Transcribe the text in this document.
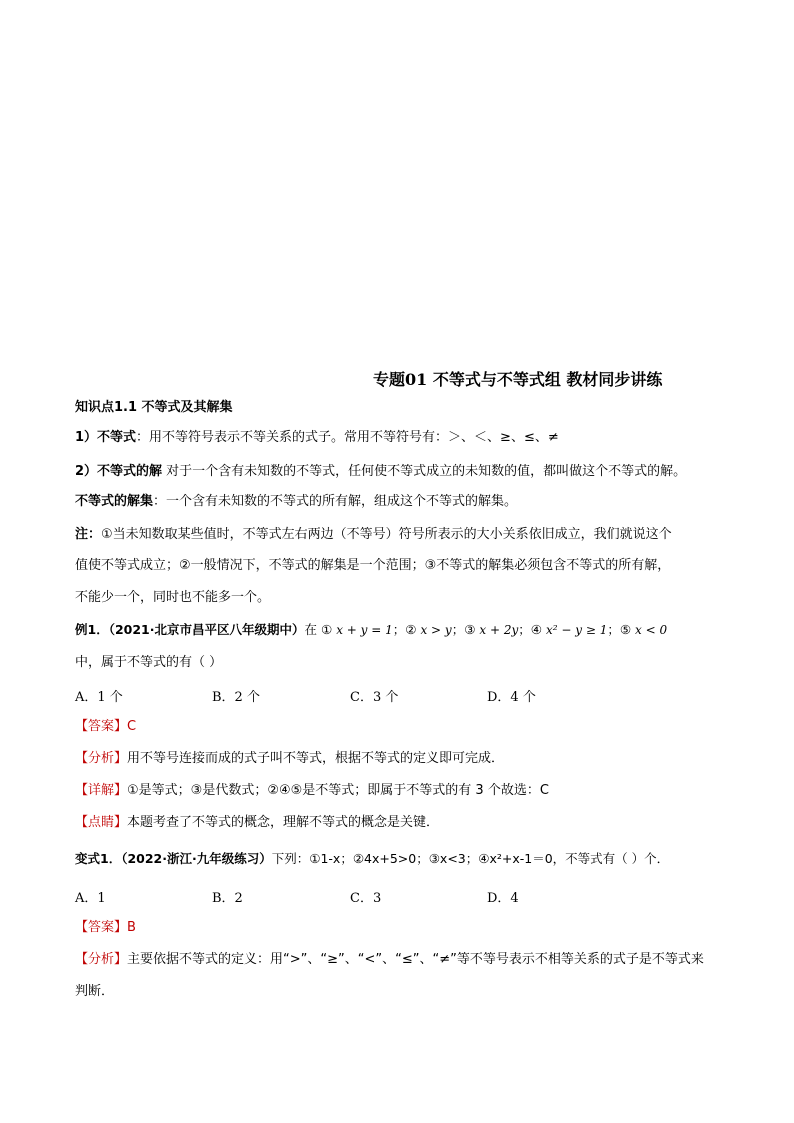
专题01 不等式与不等式组 教材同步讲练
知识点1.1 不等式及其解集
1）不等式：用不等符号表示不等关系的式子。常用不等符号有：＞、＜、≥、≤、≠
2）不等式的解 对于一个含有未知数的不等式，任何使不等式成立的未知数的值，都叫做这个不等式的解。
不等式的解集：一个含有未知数的不等式的所有解，组成这个不等式的解集。
注：①当未知数取某些值时，不等式左右两边（不等号）符号所表示的大小关系依旧成立，我们就说这个
值使不等式成立；②一般情况下，不等式的解集是一个范围；③不等式的解集必须包含不等式的所有解，
不能少一个，同时也不能多一个。
例1．（2021·北京市昌平区八年级期中）在 ① x + y = 1；② x > y；③ x + 2y；④ x² − y ≥ 1；⑤ x < 0
中，属于不等式的有（ ）
A．1 个	B．2 个	C．3 个	D．4 个
【答案】C
【分析】用不等号连接而成的式子叫不等式，根据不等式的定义即可完成．
【详解】①是等式；③是代数式；②④⑤是不等式；即属于不等式的有 3 个故选：C
【点睛】本题考查了不等式的概念，理解不等式的概念是关键．
变式1．（2022·浙江·九年级练习）下列：①1-x；②4x+5>0；③x<3；④x²+x-1＝0，不等式有（ ）个．
A．1	B．2	C．3	D．4
【答案】B
【分析】主要依据不等式的定义：用“>”、“≥”、“<”、“≤”、“≠”等不等号表示不相等关系的式子是不等式来
判断．
